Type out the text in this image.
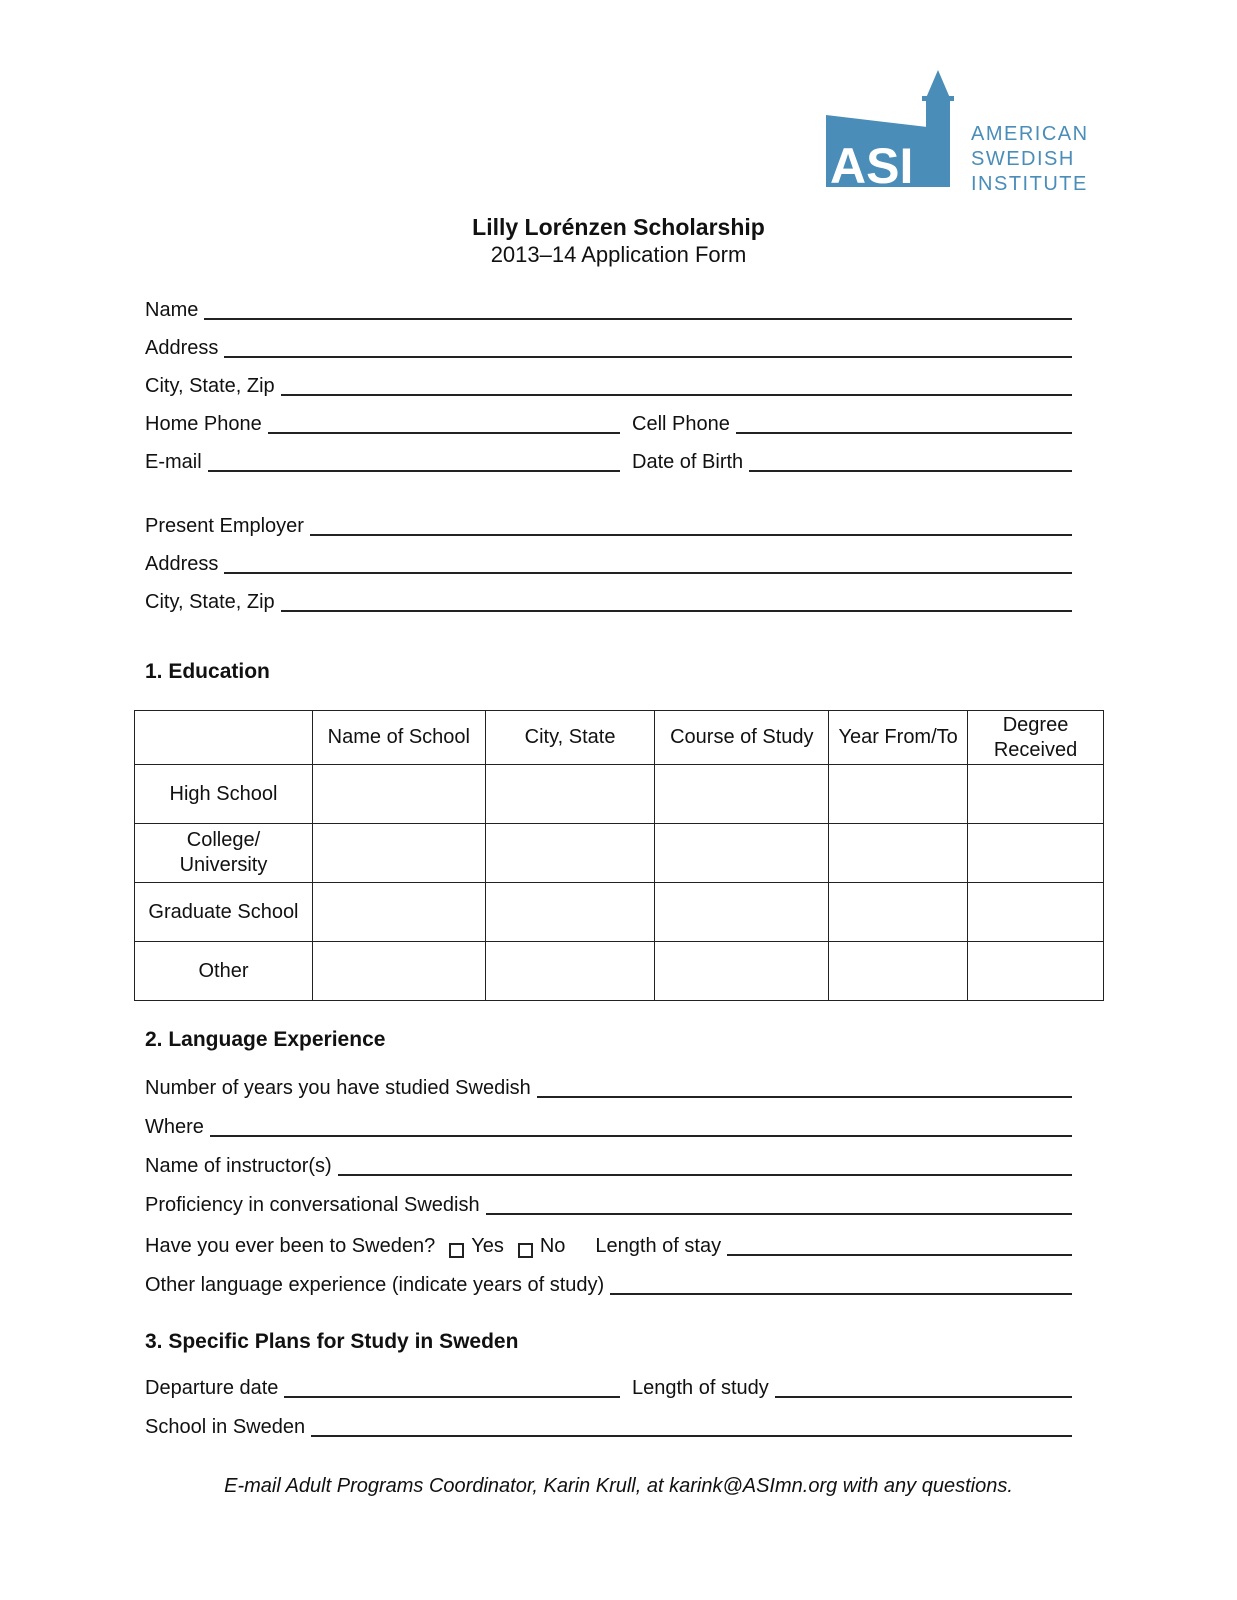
ASI
AMERICAN
SWEDISH
INSTITUTE
Lilly Lorénzen Scholarship
2013–14 Application Form
Name
Address
City, State, Zip
Home Phone	Cell Phone
E-mail	Date of Birth
Present Employer
Address
City, State, Zip
1. Education
	Name of School	City, State	Course of Study	Year From/To	Degree Received
High School					
College/ University					
Graduate School					
Other					
2. Language Experience
Number of years you have studied Swedish
Where
Name of instructor(s)
Proficiency in conversational Swedish
Have you ever been to Sweden? Yes No Length of stay
Other language experience (indicate years of study)
3. Specific Plans for Study in Sweden
Departure date	Length of study
School in Sweden
E-mail Adult Programs Coordinator, Karin Krull, at karink@ASImn.org with any questions.
